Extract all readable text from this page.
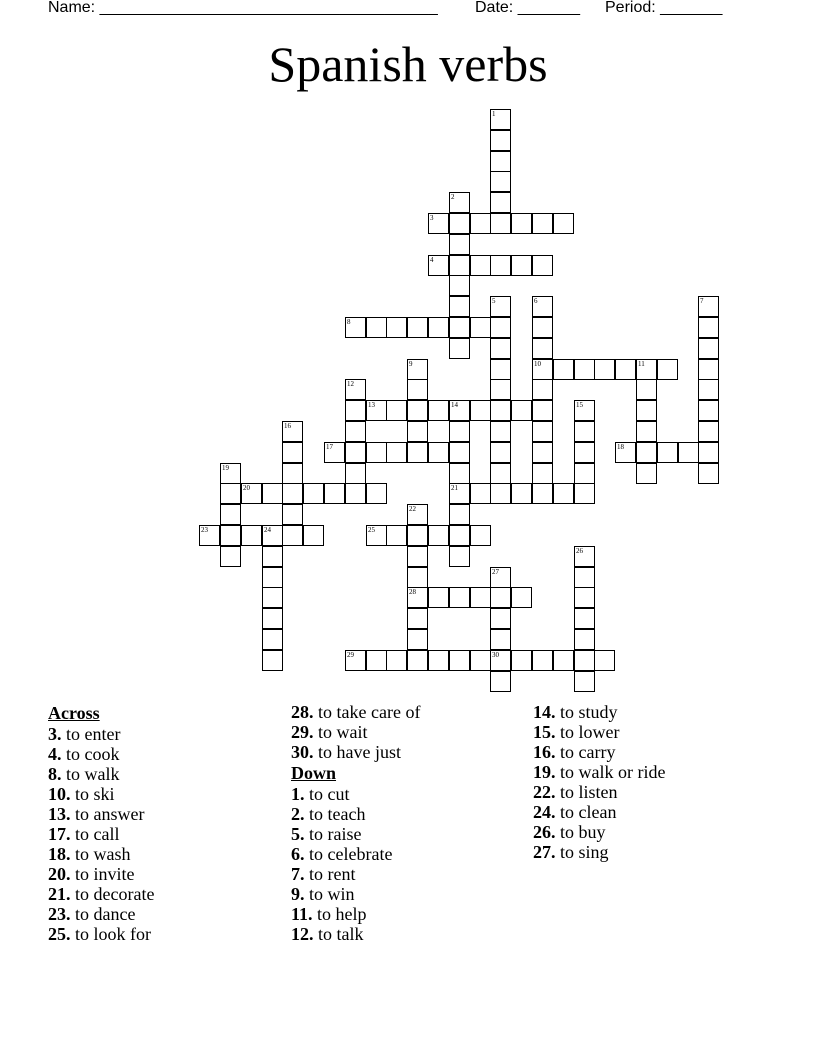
Name: ______________________________________ Date: _______ Period: _______
Spanish verbs
1
2
3
4
5	6
10
7
8
9	11
12
13	14
21
15
16
17	18
19
20
22
28
23	24	25
26
27
30
29
Across
3. to enter
4. to cook
8. to walk
10. to ski
13. to answer
17. to call
18. to wash
20. to invite
21. to decorate
23. to dance
25. to look for
28. to take care of
29. to wait
30. to have just
Down
1. to cut
2. to teach
5. to raise
6. to celebrate
7. to rent
9. to win
11. to help
12. to talk
14. to study
15. to lower
16. to carry
19. to walk or ride
22. to listen
24. to clean
26. to buy
27. to sing
